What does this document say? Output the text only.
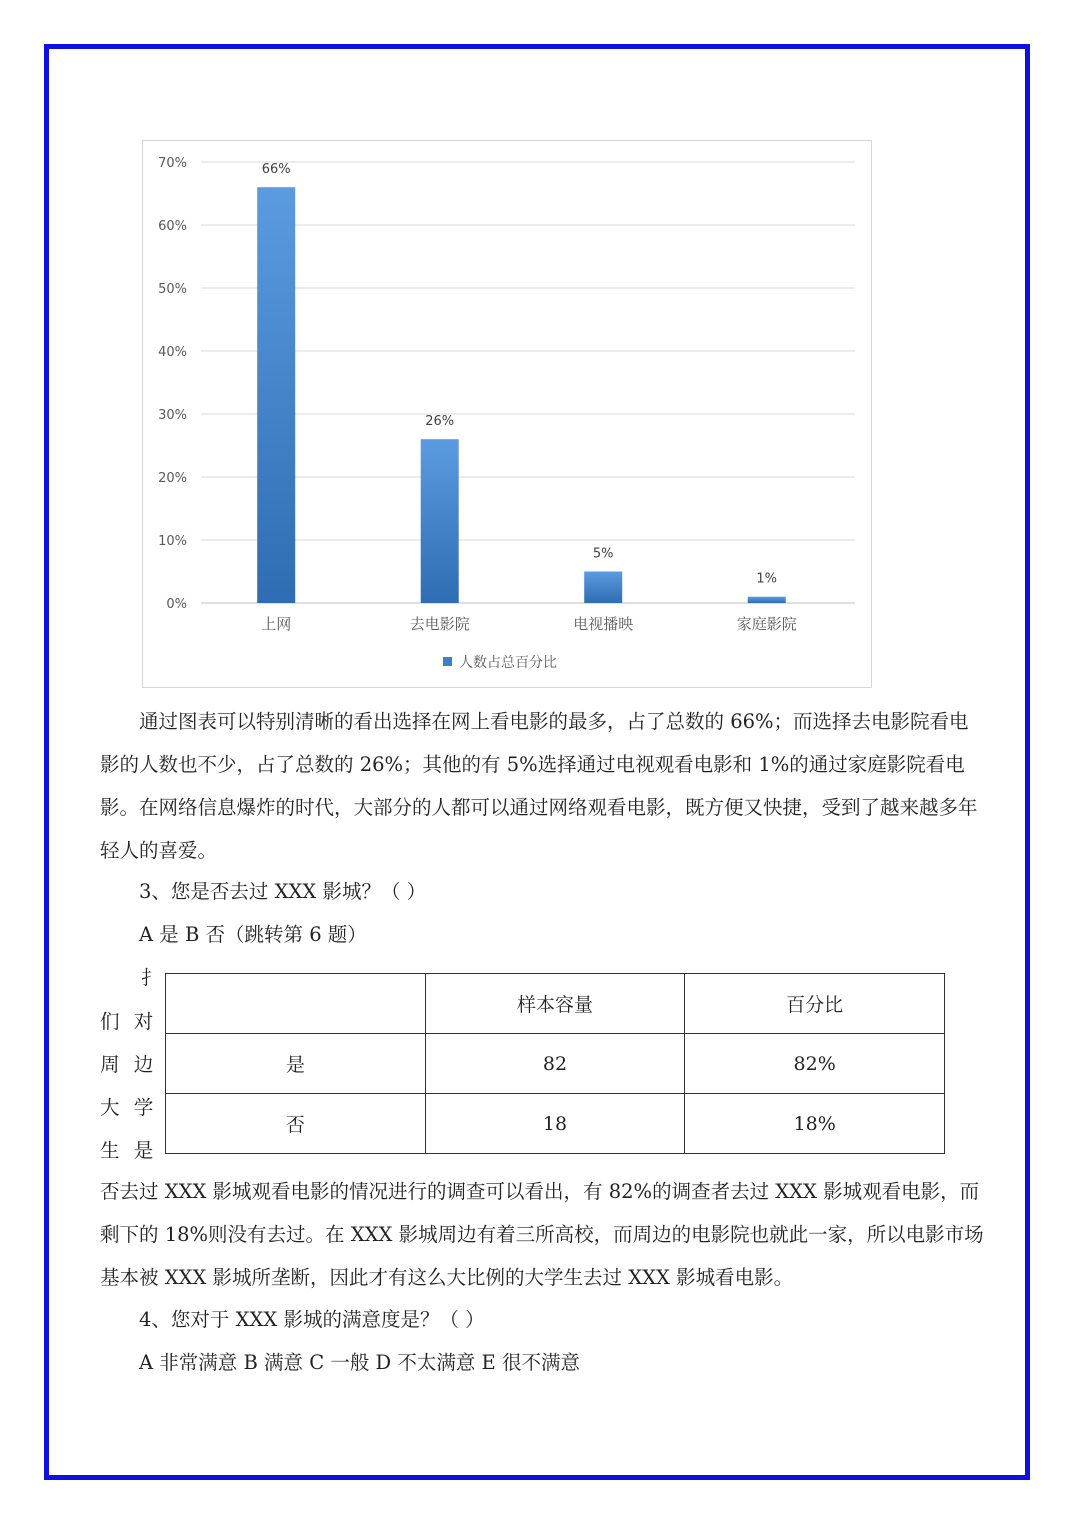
0%
10%
20%
30%
40%
50%
60%
70%	66%
上网
26%
去电影院
5%
电视播映
1%
家庭影院
人数占总百分比

通过图表可以特别清晰的看出选择在网上看电影的最多，占了总数的 66%；而选择去电影院看电影的人数也不少，占了总数的 26%；其他的有 5%选择通过电视观看电影和 1%的通过家庭影院看电影。在网络信息爆炸的时代，大部分的人都可以通过网络观看电影，既方便又快捷，受到了越来越多年轻人的喜爱。

3、您是否去过 XXX 影城？（ ）

A 是 B 否（跳转第 6 题）

扌
们 对
周 边
大 学
生 是
	样本容量	百分比
是	82	82%
否	18	18%

否去过 XXX 影城观看电影的情况进行的调查可以看出，有 82%的调查者去过 XXX 影城观看电影，而剩下的 18%则没有去过。在 XXX 影城周边有着三所高校，而周边的电影院也就此一家，所以电影市场基本被 XXX 影城所垄断，因此才有这么大比例的大学生去过 XXX 影城看电影。

4、您对于 XXX 影城的满意度是？（ ）

A 非常满意 B 满意 C 一般 D 不太满意 E 很不满意
